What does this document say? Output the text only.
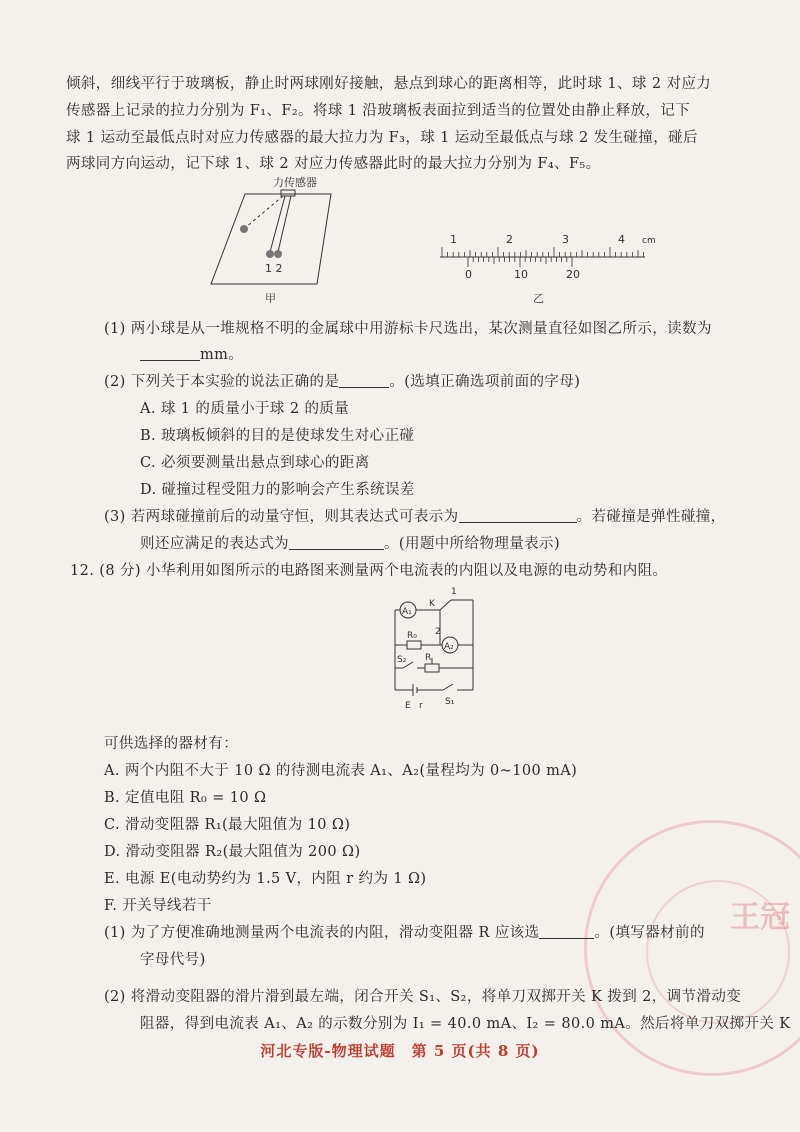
王冠
倾斜，细线平行于玻璃板，静止时两球刚好接触，悬点到球心的距离相等，此时球 1、球 2 对应力
传感器上记录的拉力分别为 F₁、F₂。将球 1 沿玻璃板表面拉到适当的位置处由静止释放，记下
球 1 运动至最低点时对应力传感器的最大拉力为 F₃，球 1 运动至最低点与球 2 发生碰撞，碰后
两球同方向运动，记下球 1、球 2 对应力传感器此时的最大拉力分别为 F₄、F₅。
力传感器
1 2
甲
1	2	3	4 cm
0	10	20
乙
(1) 两小球是从一堆规格不明的金属球中用游标卡尺选出，某次测量直径如图乙所示，读数为
mm。
(2) 下列关于本实验的说法正确的是	。(选填正确选项前面的字母)
A. 球 1 的质量小于球 2 的质量
B. 玻璃板倾斜的目的是使球发生对心正碰
C. 必须要测量出悬点到球心的距离
D. 碰撞过程受阻力的影响会产生系统误差
(3) 若两球碰撞前后的动量守恒，则其表达式可表示为	。若碰撞是弹性碰撞，
则还应满足的表达式为	。(用题中所给物理量表示)
12. (8 分) 小华利用如图所示的电路图来测量两个电流表的内阻以及电源的电动势和内阻。
A₁
A₂
K
1
2
R₀
S₂ R
E r S₁
可供选择的器材有：
A. 两个内阻不大于 10 Ω 的待测电流表 A₁、A₂(量程均为 0~100 mA)
B. 定值电阻 R₀ = 10 Ω
C. 滑动变阻器 R₁(最大阻值为 10 Ω)
D. 滑动变阻器 R₂(最大阻值为 200 Ω)
E. 电源 E(电动势约为 1.5 V，内阻 r 约为 1 Ω)
F. 开关导线若干
(1) 为了方便准确地测量两个电流表的内阻，滑动变阻器 R 应该选	。(填写器材前的
字母代号)
(2) 将滑动变阻器的滑片滑到最左端，闭合开关 S₁、S₂，将单刀双掷开关 K 拨到 2，调节滑动变
阻器，得到电流表 A₁、A₂ 的示数分别为 I₁ = 40.0 mA、I₂ = 80.0 mA。然后将单刀双掷开关 K
河北专版-物理试题　第 5 页(共 8 页)
